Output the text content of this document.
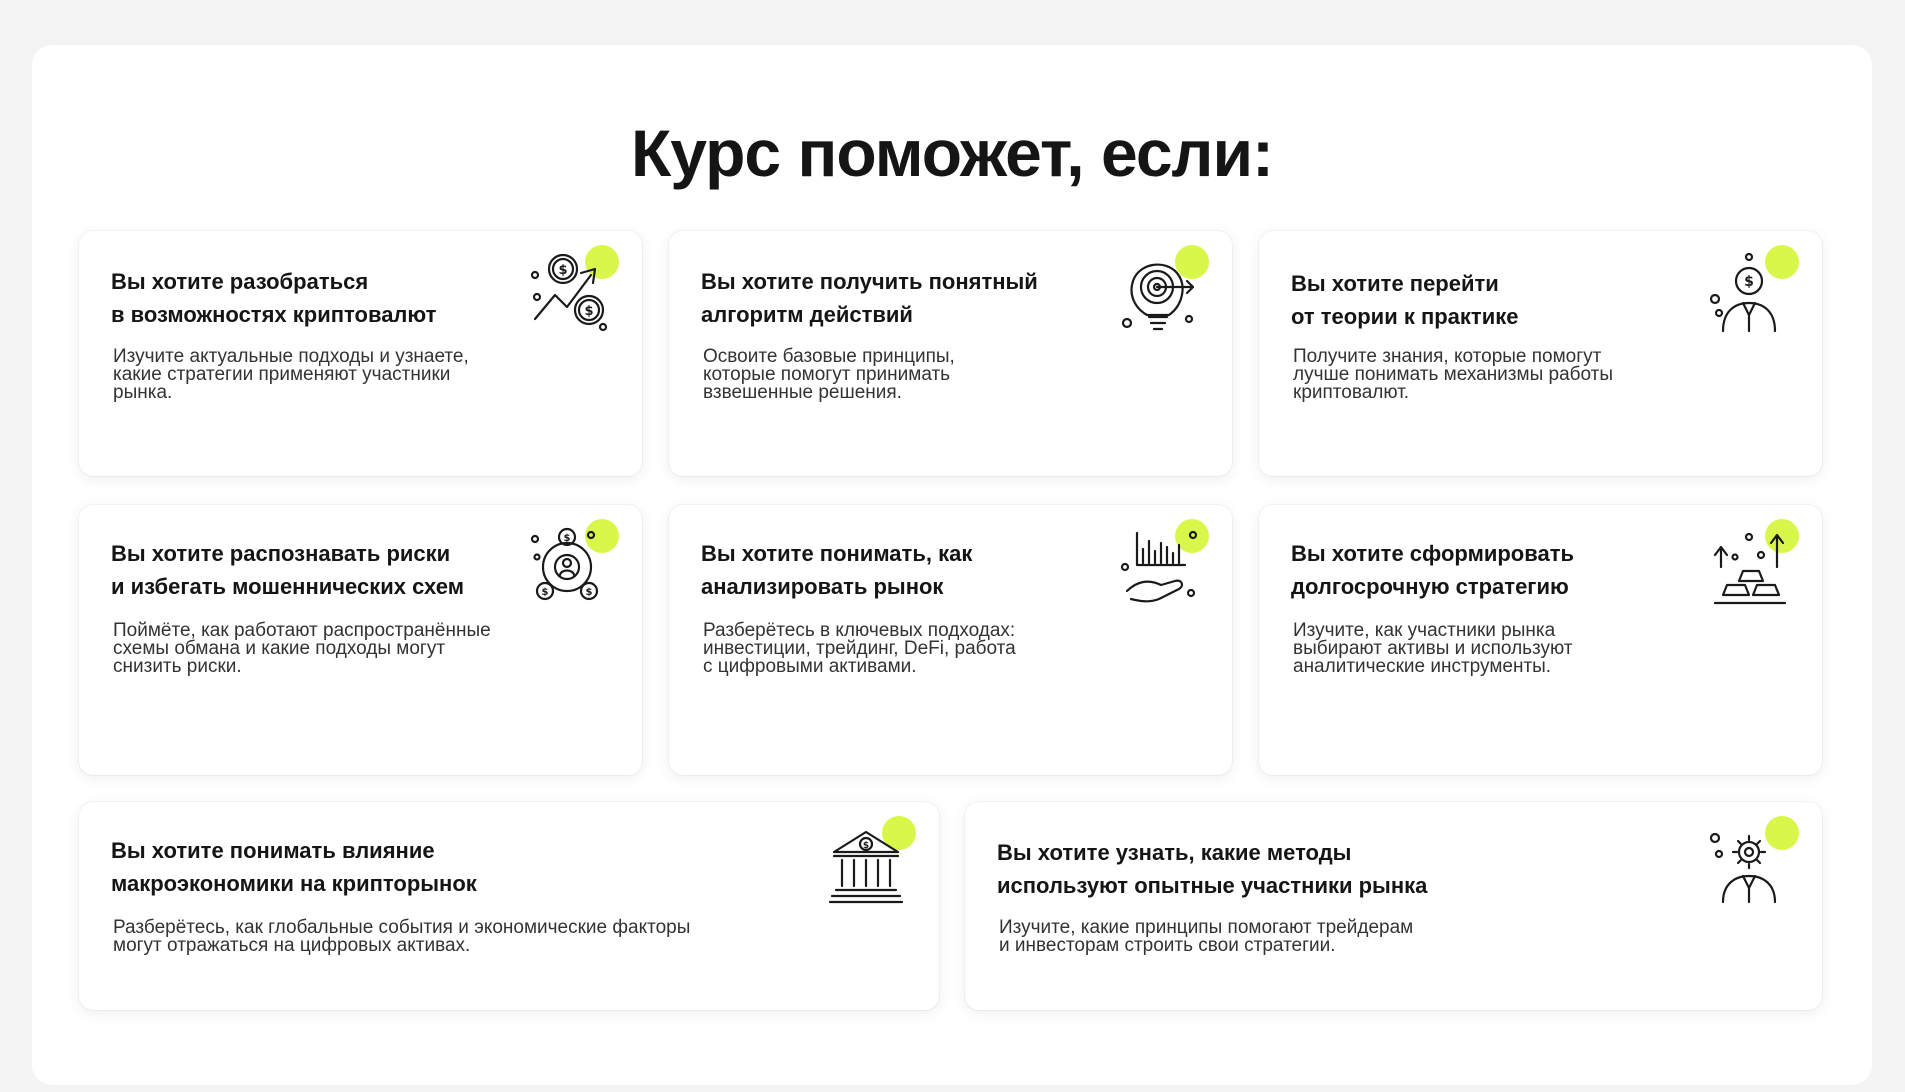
Курс поможет, если:
Вы хотите разобраться
в возможностях криптовалют
Изучите актуальные подходы и узнаете,
какие стратегии применяют участники
рынка.
$
$
Вы хотите получить понятный
алгоритм действий
Освоите базовые принципы,
которые помогут принимать
взвешенные решения.
Вы хотите перейти
от теории к практике
Получите знания, которые помогут
лучше понимать механизмы работы
криптовалют.
$
Вы хотите распознавать риски
и избегать мошеннических схем
Поймёте, как работают распространённые
схемы обмана и какие подходы могут
снизить риски.
$
$	$
Вы хотите понимать, как
анализировать рынок
Разберётесь в ключевых подходах:
инвестиции, трейдинг, DeFi, работа
с цифровыми активами.
Вы хотите сформировать
долгосрочную стратегию
Изучите, как участники рынка
выбирают активы и используют
аналитические инструменты.
Вы хотите понимать влияние
макроэкономики на крипторынок
Разберётесь, как глобальные события и экономические факторы
могут отражаться на цифровых активах.
$	Вы хотите узнать, какие методы
используют опытные участники рынка
Изучите, какие принципы помогают трейдерам
и инвесторам строить свои стратегии.
